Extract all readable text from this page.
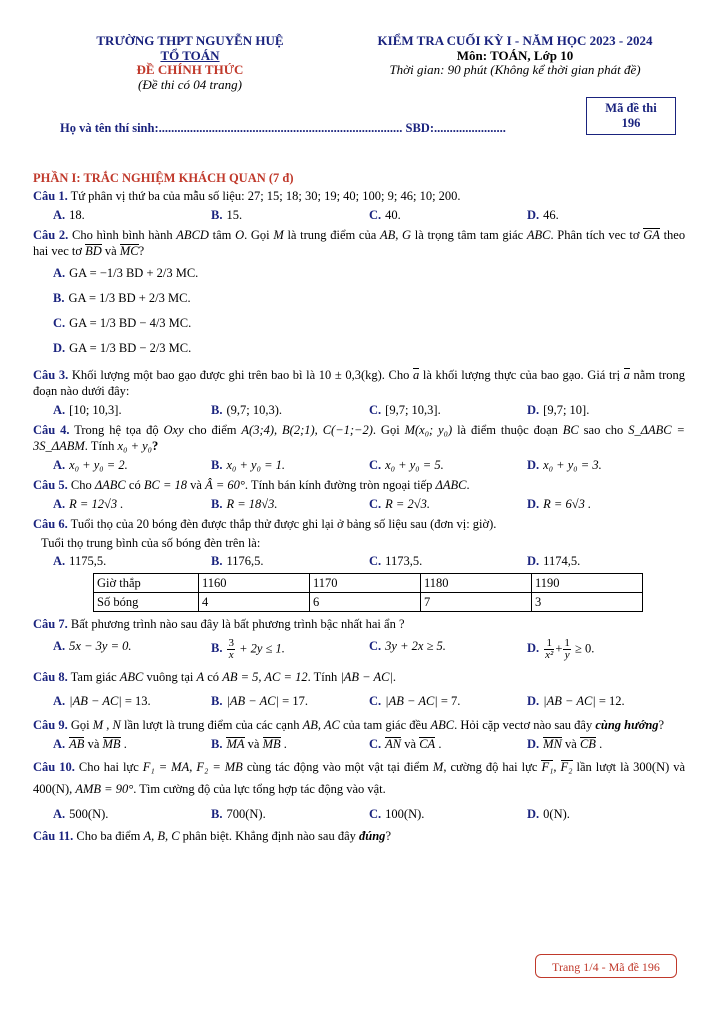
TRƯỜNG THPT NGUYỄN HUỆ
TỔ TOÁN
ĐỀ CHÍNH THỨC
(Đề thi có 04 trang)
KIỂM TRA CUỐI KỲ I - NĂM HỌC 2023 - 2024
Môn: TOÁN, Lớp 10
Thời gian: 90 phút (Không kể thời gian phát đề)
Họ và tên thí sinh:.............................................................................. SBD:.......................
Mã đề thi
196
PHẦN I: TRẮC NGHIỆM KHÁCH QUAN (7 đ)
Câu 1. Tứ phân vị thứ ba của mẫu số liệu: 27; 15; 18; 30; 19; 40; 100; 9; 46; 10; 200.
A. 18.	B. 15.	C. 40.	D. 46.
Câu 2. Cho hình bình hành ABCD tâm O. Gọi M là trung điểm của AB, G là trọng tâm tam giác ABC. Phân tích vec tơ GA theo hai vec tơ BD và MC?
A. GA = −1/3 BD + 2/3 MC.
B. GA = 1/3 BD + 2/3 MC.
C. GA = 1/3 BD − 4/3 MC.
D. GA = 1/3 BD − 2/3 MC.
Câu 3. Khối lượng một bao gạo được ghi trên bao bì là 10 ± 0,3(kg). Cho a là khối lượng thực của bao gạo. Giá trị a nằm trong đoạn nào dưới đây:
A. [10; 10,3].	B. (9,7; 10,3).	C. [9,7; 10,3].	D. [9,7; 10].
Câu 4. Trong hệ tọa độ Oxy cho điểm A(3;4), B(2;1), C(−1;−2). Gọi M(x₀; y₀) là điểm thuộc đoạn BC sao cho S_ΔABC = 3S_ΔABM. Tính x₀ + y₀?
A. x₀ + y₀ = 2.	B. x₀ + y₀ = 1.	C. x₀ + y₀ = 5.	D. x₀ + y₀ = 3.
Câu 5. Cho ΔABC có BC = 18 và Â = 60°. Tính bán kính đường tròn ngoại tiếp ΔABC.
A. R = 12√3 .	B. R = 18√3.	C. R = 2√3.	D. R = 6√3 .
Câu 6. Tuổi thọ của 20 bóng đèn được thắp thử được ghi lại ở bảng số liệu sau (đơn vị: giờ).
Tuổi thọ trung bình của số bóng đèn trên là:
A. 1175,5.	B. 1176,5.	C. 1173,5.	D. 1174,5.
Giờ thắp	1160	1170	1180	1190
Số bóng	4	6	7	3
Câu 7. Bất phương trình nào sau đây là bất phương trình bậc nhất hai ẩn ?
A. 5x − 3y = 0.	B. $\frac{3}{x} + 2y \le 1$.	C. 3y + 2x ≥ 5.	D. $\frac{1}{\text{x²}} + \frac{1}{y} \ge 0$.
Câu 8. Tam giác ABC vuông tại A có AB = 5, AC = 12. Tính |AB − AC|.
A. |AB − AC| = 13.	B. |AB − AC| = 17.	C. |AB − AC| = 7.	D. |AB − AC| = 12.
Câu 9. Gọi M , N lần lượt là trung điểm của các cạnh AB, AC của tam giác đều ABC. Hỏi cặp vectơ nào sau đây cùng hướng?
A. AB và MB .	B. MA và MB .	C. AN và CA .	D. MN và CB .
Câu 10. Cho hai lực F₁ = MA, F₂ = MB cùng tác động vào một vật tại điểm M, cường độ hai lực F₁, F₂ lần lượt là 300(N) và 400(N), AMB = 90°. Tìm cường độ của lực tổng hợp tác động vào vật.
A. 500(N).	B. 700(N).	C. 100(N).	D. 0(N).
Câu 11. Cho ba điểm A, B, C phân biệt. Khẳng định nào sau đây đúng?
Trang 1/4 - Mã đề 196
